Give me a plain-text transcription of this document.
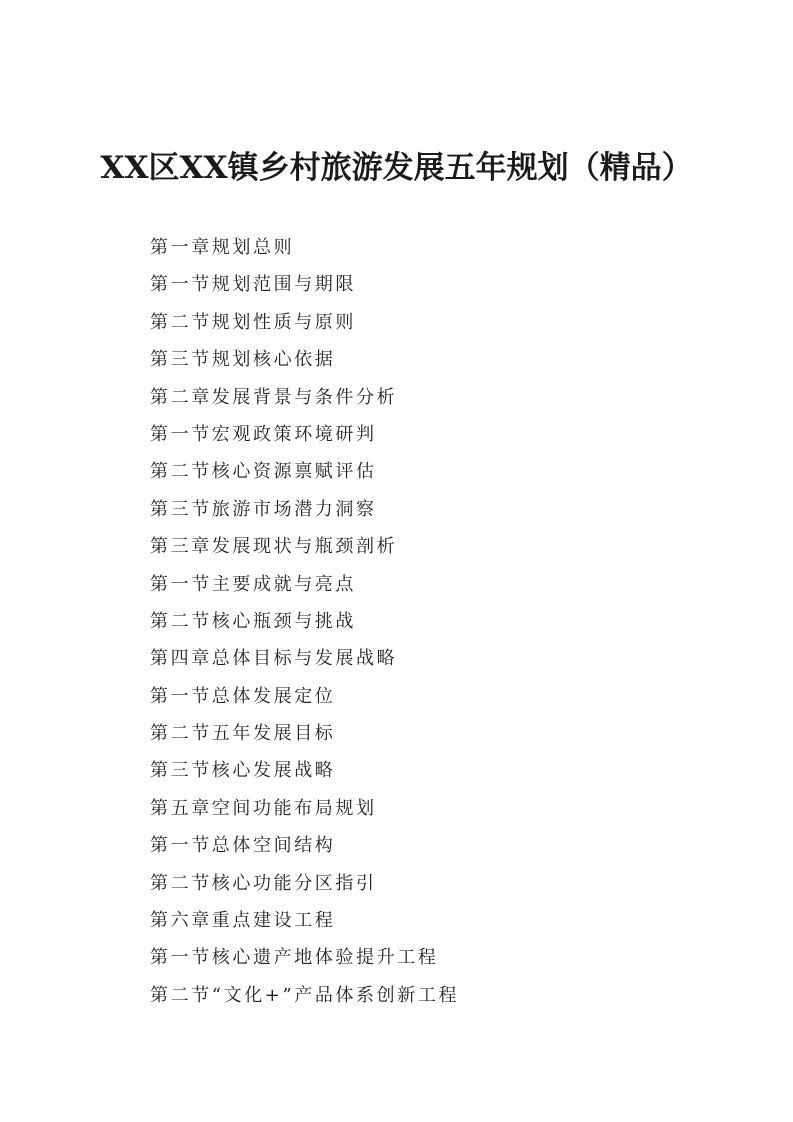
XX区XX镇乡村旅游发展五年规划（精品）
第一章规划总则
第一节规划范围与期限
第二节规划性质与原则
第三节规划核心依据
第二章发展背景与条件分析
第一节宏观政策环境研判
第二节核心资源禀赋评估
第三节旅游市场潜力洞察
第三章发展现状与瓶颈剖析
第一节主要成就与亮点
第二节核心瓶颈与挑战
第四章总体目标与发展战略
第一节总体发展定位
第二节五年发展目标
第三节核心发展战略
第五章空间功能布局规划
第一节总体空间结构
第二节核心功能分区指引
第六章重点建设工程
第一节核心遗产地体验提升工程
第二节“文化+”产品体系创新工程
